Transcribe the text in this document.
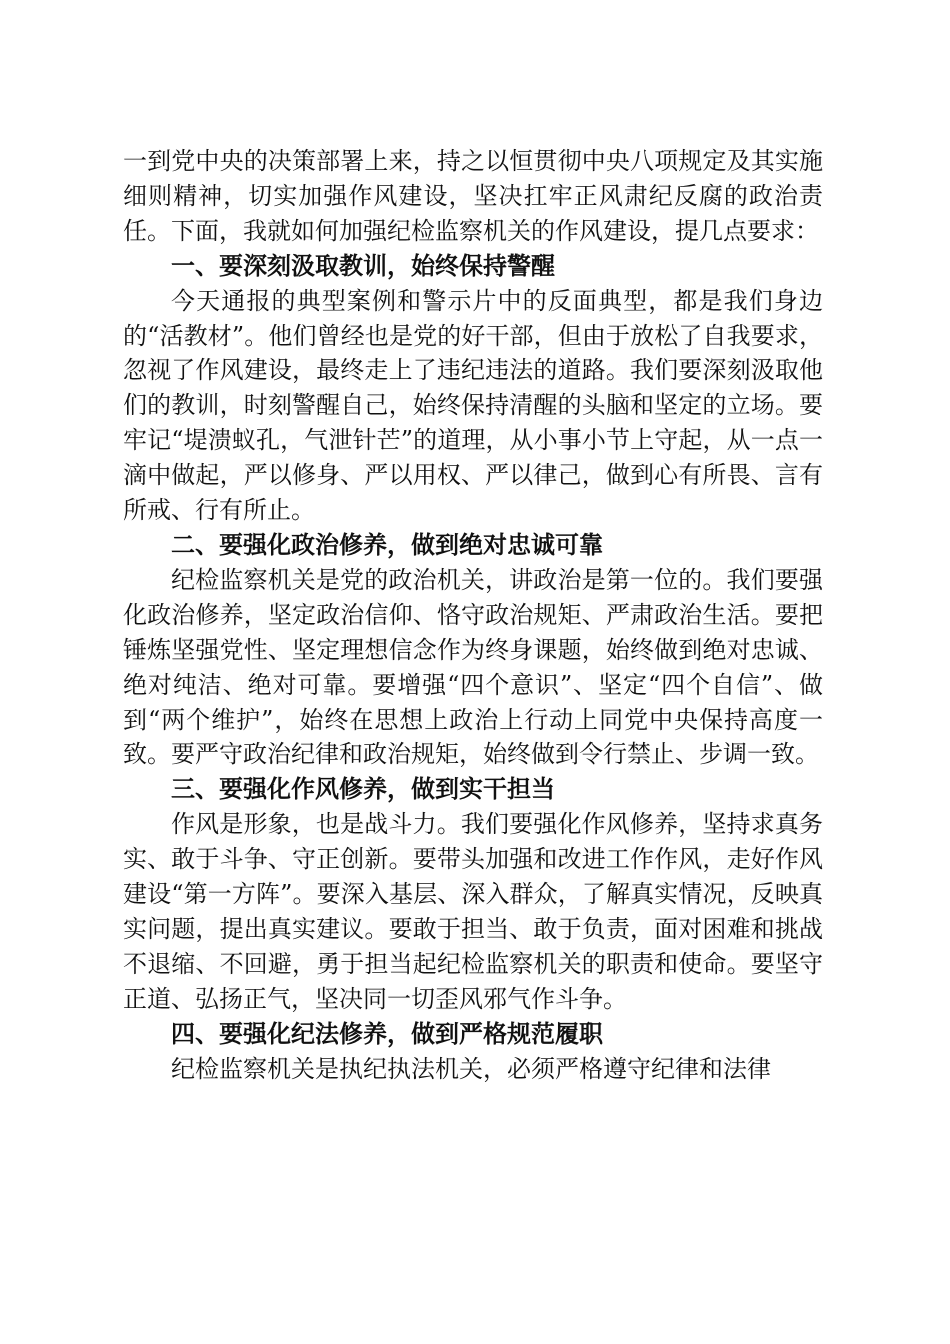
一到党中央的决策部署上来，持之以恒贯彻中央八项规定及其实施细则精神，切实加强作风建设，坚决扛牢正风肃纪反腐的政治责任。下面，我就如何加强纪检监察机关的作风建设，提几点要求：

一、要深刻汲取教训，始终保持警醒

今天通报的典型案例和警示片中的反面典型，都是我们身边的“活教材”。他们曾经也是党的好干部，但由于放松了自我要求，忽视了作风建设，最终走上了违纪违法的道路。我们要深刻汲取他们的教训，时刻警醒自己，始终保持清醒的头脑和坚定的立场。要牢记“堤溃蚁孔，气泄针芒”的道理，从小事小节上守起，从一点一滴中做起，严以修身、严以用权、严以律己，做到心有所畏、言有所戒、行有所止。

二、要强化政治修养，做到绝对忠诚可靠

纪检监察机关是党的政治机关，讲政治是第一位的。我们要强化政治修养，坚定政治信仰、恪守政治规矩、严肃政治生活。要把锤炼坚强党性、坚定理想信念作为终身课题，始终做到绝对忠诚、绝对纯洁、绝对可靠。要增强“四个意识”、坚定“四个自信”、做到“两个维护”，始终在思想上政治上行动上同党中央保持高度一致。要严守政治纪律和政治规矩，始终做到令行禁止、步调一致。

三、要强化作风修养，做到实干担当

作风是形象，也是战斗力。我们要强化作风修养，坚持求真务实、敢于斗争、守正创新。要带头加强和改进工作作风，走好作风建设“第一方阵”。要深入基层、深入群众，了解真实情况，反映真实问题，提出真实建议。要敢于担当、敢于负责，面对困难和挑战不退缩、不回避，勇于担当起纪检监察机关的职责和使命。要坚守正道、弘扬正气，坚决同一切歪风邪气作斗争。

四、要强化纪法修养，做到严格规范履职

纪检监察机关是执纪执法机关，必须严格遵守纪律和法律
